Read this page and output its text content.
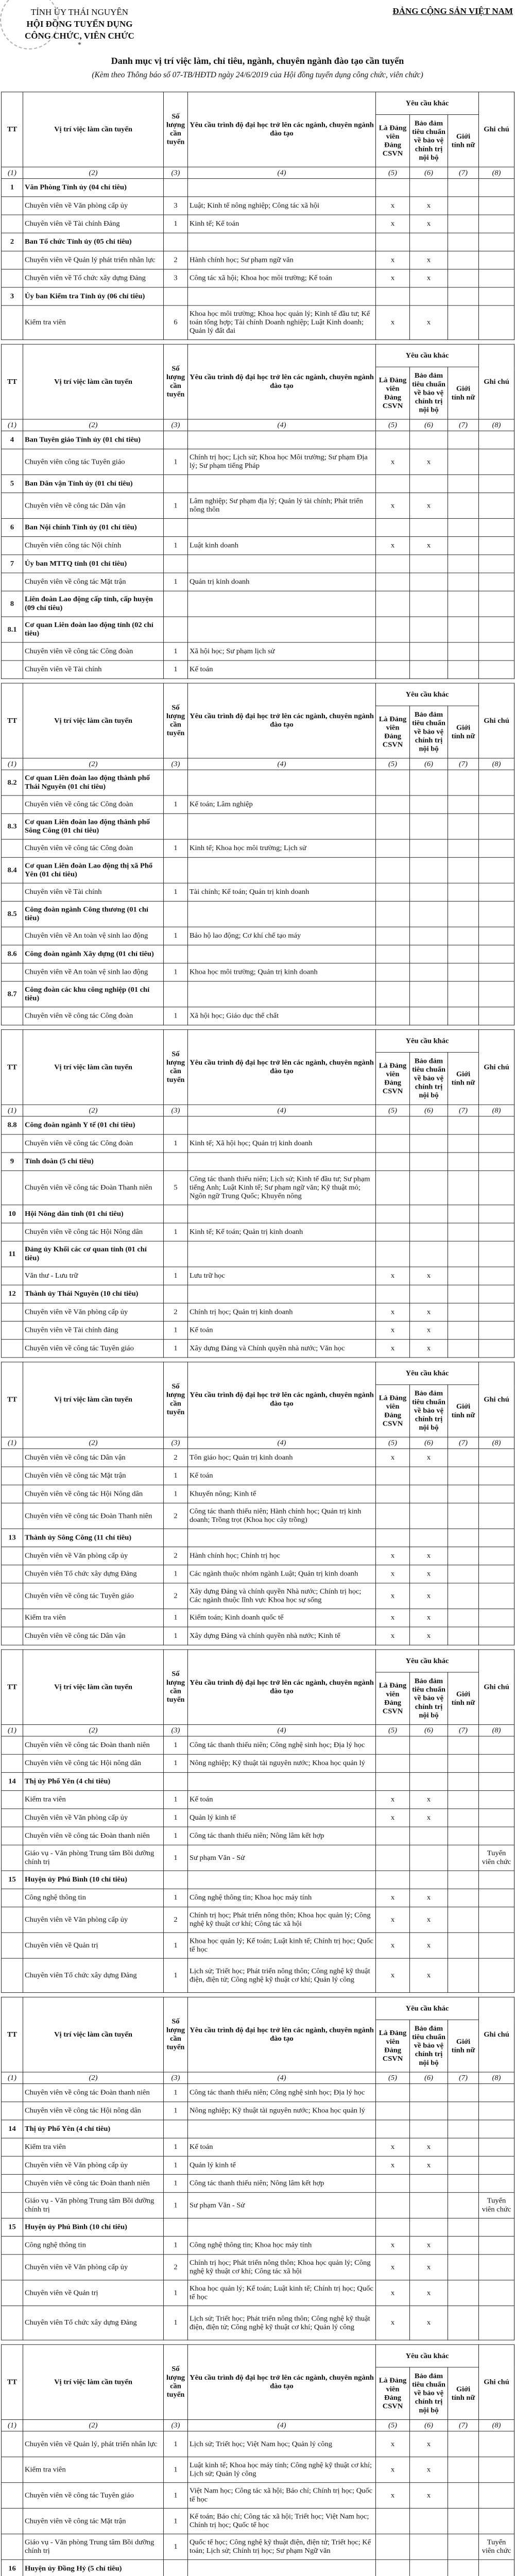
TỈNH ỦY THÁI NGUYÊN
HỘI ĐỒNG TUYỂN DỤNG
CÔNG CHỨC, VIÊN CHỨC
*
ĐẢNG CỘNG SẢN VIỆT NAM
Danh mục vị trí việc làm, chỉ tiêu, ngành, chuyên ngành đào tạo cần tuyển
(Kèm theo Thông báo số 07-TB/HĐTD ngày 24/6/2019 của Hội đồng tuyển dụng công chức, viên chức)
TT	Vị trí việc làm cần tuyển	Số lượng cần tuyển	Yêu cầu trình độ đại học trở lên các ngành, chuyên ngành đào tạo	Yêu cầu khác			Ghi chú
				Là Đảng viên Đảng CSVN	Bảo đảm tiêu chuẩn về bảo vệ chính trị nội bộ	Giới tính nữ	
(1)	(2)	(3)	(4)	(5)	(6)	(7)	(8)
1	Văn Phòng Tỉnh ủy (04 chỉ tiêu)						
	Chuyên viên về Văn phòng cấp ủy	3	Luật; Kinh tế nông nghiệp; Công tác xã hội	x	x		
	Chuyên viên về Tài chính Đảng	1	Kinh tế; Kế toán	x	x		
2	Ban Tổ chức Tỉnh ủy (05 chỉ tiêu)						
	Chuyên viên về Quản lý phát triển nhân lực	2	Hành chính học; Sư phạm ngữ văn	x	x		
	Chuyên viên về Tổ chức xây dựng Đảng	3	Công tác xã hội; Khoa học môi trường; Kế toán	x	x		
3	Ủy ban Kiểm tra Tỉnh ủy (06 chỉ tiêu)						
	Kiểm tra viên	6	Khoa học môi trường; Khoa học quản lý; Kinh tế đầu tư; Kế toán tổng hợp; Tài chính Doanh nghiệp; Luật Kinh doanh; Quản lý đất đai	x	x		
TT	Vị trí việc làm cần tuyển	Số lượng cần tuyển	Yêu cầu trình độ đại học trở lên các ngành, chuyên ngành đào tạo	Yêu cầu khác			Ghi chú
				Là Đảng viên Đảng CSVN	Bảo đảm tiêu chuẩn về bảo vệ chính trị nội bộ	Giới tính nữ	
(1)	(2)	(3)	(4)	(5)	(6)	(7)	(8)
4	Ban Tuyên giáo Tỉnh ủy (01 chỉ tiêu)						
	Chuyên viên công tác Tuyên giáo	1	Chính trị học; Lịch sử; Khoa học Môi trường; Sư phạm Địa lý; Sư phạm tiếng Pháp	x	x		
5	Ban Dân vận Tỉnh ủy (01 chỉ tiêu)						
	Chuyên viên về công tác Dân vận	1	Lâm nghiệp; Sư phạm địa lý; Quản lý tài chính; Phát triển nông thôn	x	x		
6	Ban Nội chính Tỉnh ủy (01 chỉ tiêu)						
	Chuyên viên công tác Nội chính	1	Luật kinh doanh	x	x		
7	Ủy ban MTTQ tỉnh (01 chỉ tiêu)						
	Chuyên viên về công tác Mặt trận	1	Quản trị kinh doanh				
8	Liên đoàn Lao động cấp tỉnh, cấp huyện (09 chỉ tiêu)						
8.1	Cơ quan Liên đoàn lao động tỉnh (02 chỉ tiêu)						
	Chuyên viên về công tác Công đoàn	1	Xã hội học; Sư phạm lịch sử				
	Chuyên viên về Tài chính	1	Kế toán				
TT	Vị trí việc làm cần tuyển	Số lượng cần tuyển	Yêu cầu trình độ đại học trở lên các ngành, chuyên ngành đào tạo	Yêu cầu khác			Ghi chú
				Là Đảng viên Đảng CSVN	Bảo đảm tiêu chuẩn về bảo vệ chính trị nội bộ	Giới tính nữ	
(1)	(2)	(3)	(4)	(5)	(6)	(7)	(8)
8.2	Cơ quan Liên đoàn lao động thành phố Thái Nguyên (01 chỉ tiêu)						
	Chuyên viên về công tác Công đoàn	1	Kế toán; Lâm nghiệp				
8.3	Cơ quan Liên đoàn lao động thành phố Sông Công (01 chỉ tiêu)						
	Chuyên viên về công tác Công đoàn	1	Kinh tế; Khoa học môi trường; Lịch sử				
8.4	Cơ quan Liên đoàn Lao động thị xã Phổ Yên (01 chỉ tiêu)						
	Chuyên viên về Tài chính	1	Tài chính; Kế toán; Quản trị kinh doanh				
8.5	Công đoàn ngành Công thương (01 chỉ tiêu)						
	Chuyên viên về An toàn vệ sinh lao động	1	Bảo hộ lao động; Cơ khí chế tạo máy				
8.6	Công đoàn ngành Xây dựng (01 chỉ tiêu)						
	Chuyên viên về An toàn vệ sinh lao động	1	Khoa học môi trường; Quản trị kinh doanh				
8.7	Công đoàn các khu công nghiệp (01 chỉ tiêu)						
	Chuyên viên về công tác Công đoàn	1	Xã hội học; Giáo dục thể chất				
TT	Vị trí việc làm cần tuyển	Số lượng cần tuyển	Yêu cầu trình độ đại học trở lên các ngành, chuyên ngành đào tạo	Yêu cầu khác			Ghi chú
				Là Đảng viên Đảng CSVN	Bảo đảm tiêu chuẩn về bảo vệ chính trị nội bộ	Giới tính nữ	
(1)	(2)	(3)	(4)	(5)	(6)	(7)	(8)
8.8	Công đoàn ngành Y tế (01 chỉ tiêu)						
	Chuyên viên về công tác Công đoàn	1	Kinh tế; Xã hội học; Quản trị kinh doanh				
9	Tỉnh đoàn (5 chỉ tiêu)						
	Chuyên viên về công tác Đoàn Thanh niên	5	Công tác thanh thiếu niên; Lịch sử; Kinh tế đầu tư; Sư phạm tiếng Anh; Luật Kinh tế; Sư phạm ngữ văn; Kỹ thuật mỏ; Ngôn ngữ Trung Quốc; Khuyến nông				
10	Hội Nông dân tỉnh (01 chỉ tiêu)						
	Chuyên viên về công tác Hội Nông dân	1	Kinh tế; Kế toán; Quản trị kinh doanh				
11	Đảng ủy Khối các cơ quan tỉnh (01 chỉ tiêu)						
	Văn thư - Lưu trữ	1	Lưu trữ học	x	x		
12	Thành ủy Thái Nguyên (10 chỉ tiêu)						
	Chuyên viên về Văn phòng cấp ủy	2	Chính trị học; Quản trị kinh doanh	x	x		
	Chuyên viên về Tài chính đảng	1	Kế toán	x	x		
	Chuyên viên về công tác Tuyên giáo	1	Xây dựng Đảng và Chính quyền nhà nước; Văn học	x	x		
TT	Vị trí việc làm cần tuyển	Số lượng cần tuyển	Yêu cầu trình độ đại học trở lên các ngành, chuyên ngành đào tạo	Yêu cầu khác			Ghi chú
				Là Đảng viên Đảng CSVN	Bảo đảm tiêu chuẩn về bảo vệ chính trị nội bộ	Giới tính nữ	
(1)	(2)	(3)	(4)	(5)	(6)	(7)	(8)
	Chuyên viên về công tác Dân vận	2	Tôn giáo học; Quản trị kinh doanh	x	x		
	Chuyên viên về công tác Mặt trận	1	Kế toán				
	Chuyên viên về công tác Hội Nông dân	1	Khuyến nông; Kinh tế				
	Chuyên viên về công tác Đoàn Thanh niên	2	Công tác thanh thiếu niên; Hành chính học; Quản trị kinh doanh; Trồng trọt (Khoa học cây trồng)				
13	Thành ủy Sông Công (11 chỉ tiêu)						
	Chuyên viên về Văn phòng cấp ủy	2	Hành chính học; Chính trị học	x	x		
	Chuyên viên Tổ chức xây dựng Đảng	1	Các ngành thuộc nhóm ngành Luật; Quản trị kinh doanh	x	x		
	Chuyên viên về công tác Tuyên giáo	2	Xây dựng Đảng và chính quyền Nhà nước; Chính trị học; Các ngành thuộc lĩnh vực Khoa học sự sống	x	x		
	Kiểm tra viên	1	Kiểm toán; Kinh doanh quốc tế	x	x		
	Chuyên viên về công tác Dân vận	1	Xây dựng Đảng và chính quyền nhà nước; Kinh tế	x	x		
TT	Vị trí việc làm cần tuyển	Số lượng cần tuyển	Yêu cầu trình độ đại học trở lên các ngành, chuyên ngành đào tạo	Yêu cầu khác			Ghi chú
				Là Đảng viên Đảng CSVN	Bảo đảm tiêu chuẩn về bảo vệ chính trị nội bộ	Giới tính nữ	
(1)	(2)	(3)	(4)	(5)	(6)	(7)	(8)
	Chuyên viên về công tác Đoàn thanh niên	1	Công tác thanh thiếu niên; Công nghệ sinh học; Địa lý học				
	Chuyên viên về công tác Hội nông dân	1	Nông nghiệp; Kỹ thuật tài nguyên nước; Khoa học quản lý				
14	Thị ủy Phổ Yên (4 chỉ tiêu)						
	Kiểm tra viên	1	Kế toán	x	x		
	Chuyên viên về Văn phòng cấp ủy	1	Quản lý kinh tế	x	x		
	Chuyên viên về công tác Đoàn thanh niên	1	Công tác thanh thiếu niên; Nông lâm kết hợp				
	Giáo vụ - Văn phòng Trung tâm Bồi dưỡng chính trị	1	Sư phạm Văn - Sử				Tuyển viên chức
15	Huyện ủy Phú Bình (10 chỉ tiêu)						
	Công nghệ thông tin	1	Công nghệ thông tin; Khoa học máy tính	x	x		
	Chuyên viên về Văn phòng cấp ủy	2	Chính trị học; Phát triển nông thôn; Khoa học quản lý; Công nghệ kỹ thuật cơ khí; Công tác xã hội	x	x		
	Chuyên viên về Quản trị	1	Khoa học quản lý; Kế toán; Luật kinh tế; Chính trị học; Quốc tế học	x	x		
	Chuyên viên Tổ chức xây dựng Đảng	1	Lịch sử; Triết học; Phát triển nông thôn; Công nghệ kỹ thuật điện, điện tử; Công nghệ kỹ thuật cơ khí; Quản lý công	x	x		
TT	Vị trí việc làm cần tuyển	Số lượng cần tuyển	Yêu cầu trình độ đại học trở lên các ngành, chuyên ngành đào tạo	Yêu cầu khác			Ghi chú
				Là Đảng viên Đảng CSVN	Bảo đảm tiêu chuẩn về bảo vệ chính trị nội bộ	Giới tính nữ	
(1)	(2)	(3)	(4)	(5)	(6)	(7)	(8)
	Chuyên viên về công tác Đoàn thanh niên	1	Công tác thanh thiếu niên; Công nghệ sinh học; Địa lý học				
	Chuyên viên về công tác Hội nông dân	1	Nông nghiệp; Kỹ thuật tài nguyên nước; Khoa học quản lý				
14	Thị ủy Phổ Yên (4 chỉ tiêu)						
	Kiểm tra viên	1	Kế toán	x	x		
	Chuyên viên về Văn phòng cấp ủy	1	Quản lý kinh tế	x	x		
	Chuyên viên về công tác Đoàn thanh niên	1	Công tác thanh thiếu niên; Nông lâm kết hợp				
	Giáo vụ - Văn phòng Trung tâm Bồi dưỡng chính trị	1	Sư phạm Văn - Sử				Tuyển viên chức
15	Huyện ủy Phú Bình (10 chỉ tiêu)						
	Công nghệ thông tin	1	Công nghệ thông tin; Khoa học máy tính	x	x		
	Chuyên viên về Văn phòng cấp ủy	2	Chính trị học; Phát triển nông thôn; Khoa học quản lý; Công nghệ kỹ thuật cơ khí; Công tác xã hội	x	x		
	Chuyên viên về Quản trị	1	Khoa học quản lý; Kế toán; Luật kinh tế; Chính trị học; Quốc tế học	x	x		
	Chuyên viên Tổ chức xây dựng Đảng	1	Lịch sử; Triết học; Phát triển nông thôn; Công nghệ kỹ thuật điện, điện tử; Công nghệ kỹ thuật cơ khí; Quản lý công	x	x		
TT	Vị trí việc làm cần tuyển	Số lượng cần tuyển	Yêu cầu trình độ đại học trở lên các ngành, chuyên ngành đào tạo	Yêu cầu khác			Ghi chú
				Là Đảng viên Đảng CSVN	Bảo đảm tiêu chuẩn về bảo vệ chính trị nội bộ	Giới tính nữ	
(1)	(2)	(3)	(4)	(5)	(6)	(7)	(8)
	Chuyên viên về Quản lý, phát triển nhân lực	1	Lịch sử; Triết học; Việt Nam học; Quản lý công	x	x		
	Kiểm tra viên	1	Luật kinh tế; Khoa học máy tính; Công nghệ kỹ thuật cơ khí; Lịch sử; Quản lý công	x	x		
	Chuyên viên về công tác Tuyên giáo	1	Việt Nam học; Công tác xã hội; Báo chí; Chính trị học; Quốc tế học	x	x		
	Chuyên viên về công tác Mặt trận	1	Kế toán; Báo chí; Công tác xã hội; Triết học; Việt Nam học; Chính trị học; Quốc tế học				
	Giáo vụ - Văn phòng Trung tâm Bồi dưỡng chính trị	1	Quốc tế học; Công nghệ kỹ thuật điện, điện tử; Triết học; Kế toán; Lịch sử; Chính trị học; Sư phạm Ngữ văn				Tuyển viên chức
16	Huyện ủy Đồng Hỷ (5 chỉ tiêu)						
